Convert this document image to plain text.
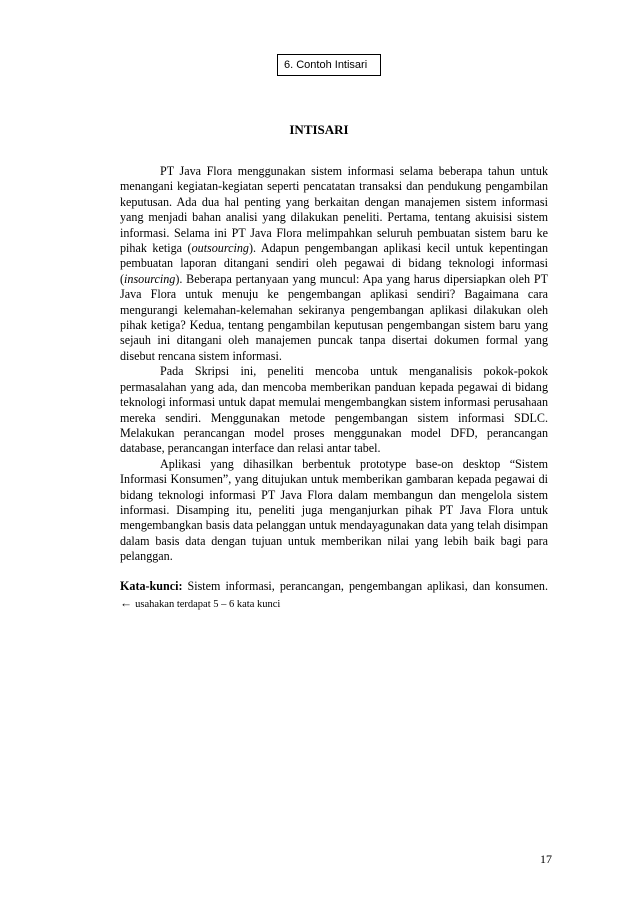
6. Contoh Intisari
INTISARI

PT Java Flora menggunakan sistem informasi selama beberapa tahun untuk menangani kegiatan-kegiatan seperti pencatatan transaksi dan pendukung pengambilan keputusan. Ada dua hal penting yang berkaitan dengan manajemen sistem informasi yang menjadi bahan analisi yang dilakukan peneliti. Pertama, tentang akuisisi sistem informasi. Selama ini PT Java Flora melimpahkan seluruh pembuatan sistem baru ke pihak ketiga (outsourcing). Adapun pengembangan aplikasi kecil untuk kepentingan pembuatan laporan ditangani sendiri oleh pegawai di bidang teknologi informasi (insourcing). Beberapa pertanyaan yang muncul: Apa yang harus dipersiapkan oleh PT Java Flora untuk menuju ke pengembangan aplikasi sendiri? Bagaimana cara mengurangi kelemahan-kelemahan sekiranya pengembangan aplikasi dilakukan oleh pihak ketiga? Kedua, tentang pengambilan keputusan pengembangan sistem baru yang sejauh ini ditangani oleh manajemen puncak tanpa disertai dokumen formal yang disebut rencana sistem informasi.

Pada Skripsi ini, peneliti mencoba untuk menganalisis pokok-pokok permasalahan yang ada, dan mencoba memberikan panduan kepada pegawai di bidang teknologi informasi untuk dapat memulai mengembangkan sistem informasi perusahaan mereka sendiri. Menggunakan metode pengembangan sistem informasi SDLC. Melakukan perancangan model proses menggunakan model DFD, perancangan database, perancangan interface dan relasi antar tabel.

Aplikasi yang dihasilkan berbentuk prototype base-on desktop “Sistem Informasi Konsumen”, yang ditujukan untuk memberikan gambaran kepada pegawai di bidang teknologi informasi PT Java Flora dalam membangun dan mengelola sistem informasi. Disamping itu, peneliti juga menganjurkan pihak PT Java Flora untuk mengembangkan basis data pelanggan untuk mendayagunakan data yang telah disimpan dalam basis data dengan tujuan untuk memberikan nilai yang lebih baik bagi para pelanggan.

Kata-kunci: Sistem informasi, perancangan, pengembangan aplikasi, dan konsumen. ← usahakan terdapat 5 – 6 kata kunci
17
